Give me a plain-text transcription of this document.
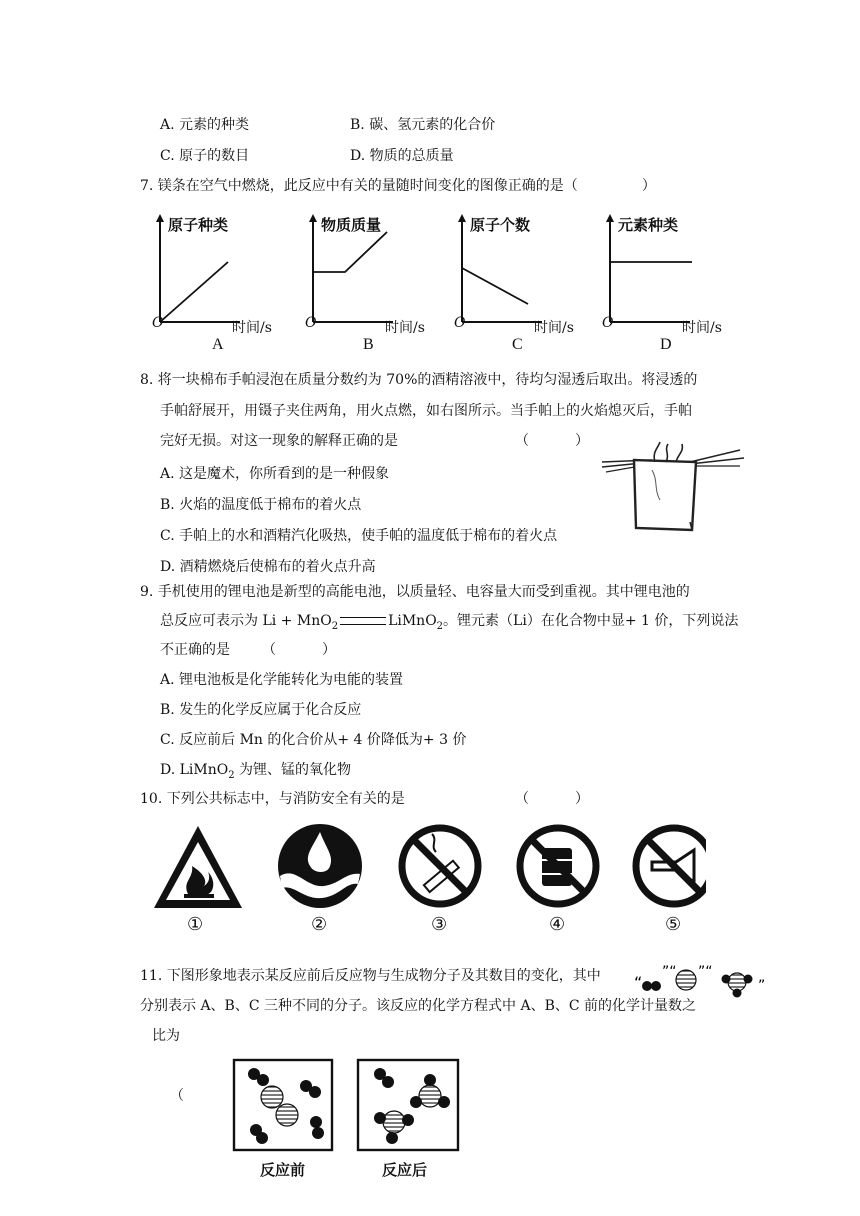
A. 元素的种类	B. 碳、氢元素的化合价
C. 原子的数目	D. 物质的总质量
7. 镁条在空气中燃烧，此反应中有关的量随时间变化的图像正确的是（	）
原子种类
O	时间/s
A
物质质量
O	时间/s
B
原子个数
O	时间/s
C
元素种类
O	时间/s
D
8. 将一块棉布手帕浸泡在质量分数约为 70%的酒精溶液中，待均匀湿透后取出。将浸透的
手帕舒展开，用镊子夹住两角，用火点燃，如右图所示。当手帕上的火焰熄灭后，手帕
完好无损。对这一现象的解释正确的是	（	）
A. 这是魔术，你所看到的是一种假象
B. 火焰的温度低于棉布的着火点
C. 手帕上的水和酒精汽化吸热，使手帕的温度低于棉布的着火点
D. 酒精燃烧后使棉布的着火点升高
9. 手机使用的锂电池是新型的高能电池，以质量轻、电容量大而受到重视。其中锂电池的
总反应可表示为 Li + MnO$_2$	LiMnO$_2$。锂元素（Li）在化合物中显+ 1 价，下列说法
不正确的是 （	）
A. 锂电池板是化学能转化为电能的装置
B. 发生的化学反应属于化合反应
C. 反应前后 Mn 的化合价从+ 4 价降低为+ 3 价
D. LiMnO$_2$ 为锂、锰的氧化物
10. 下列公共标志中，与消防安全有关的是	（	）
①	②	③	④	⑤
11. 下图形象地表示某反应前后反应物与生成物分子及其数目的变化，其中 “
”“ ”“
”
分别表示 A、B、C 三种不同的分子。该反应的化学方程式中 A、B、C 前的化学计量数之
比为
（
反应前	反应后
